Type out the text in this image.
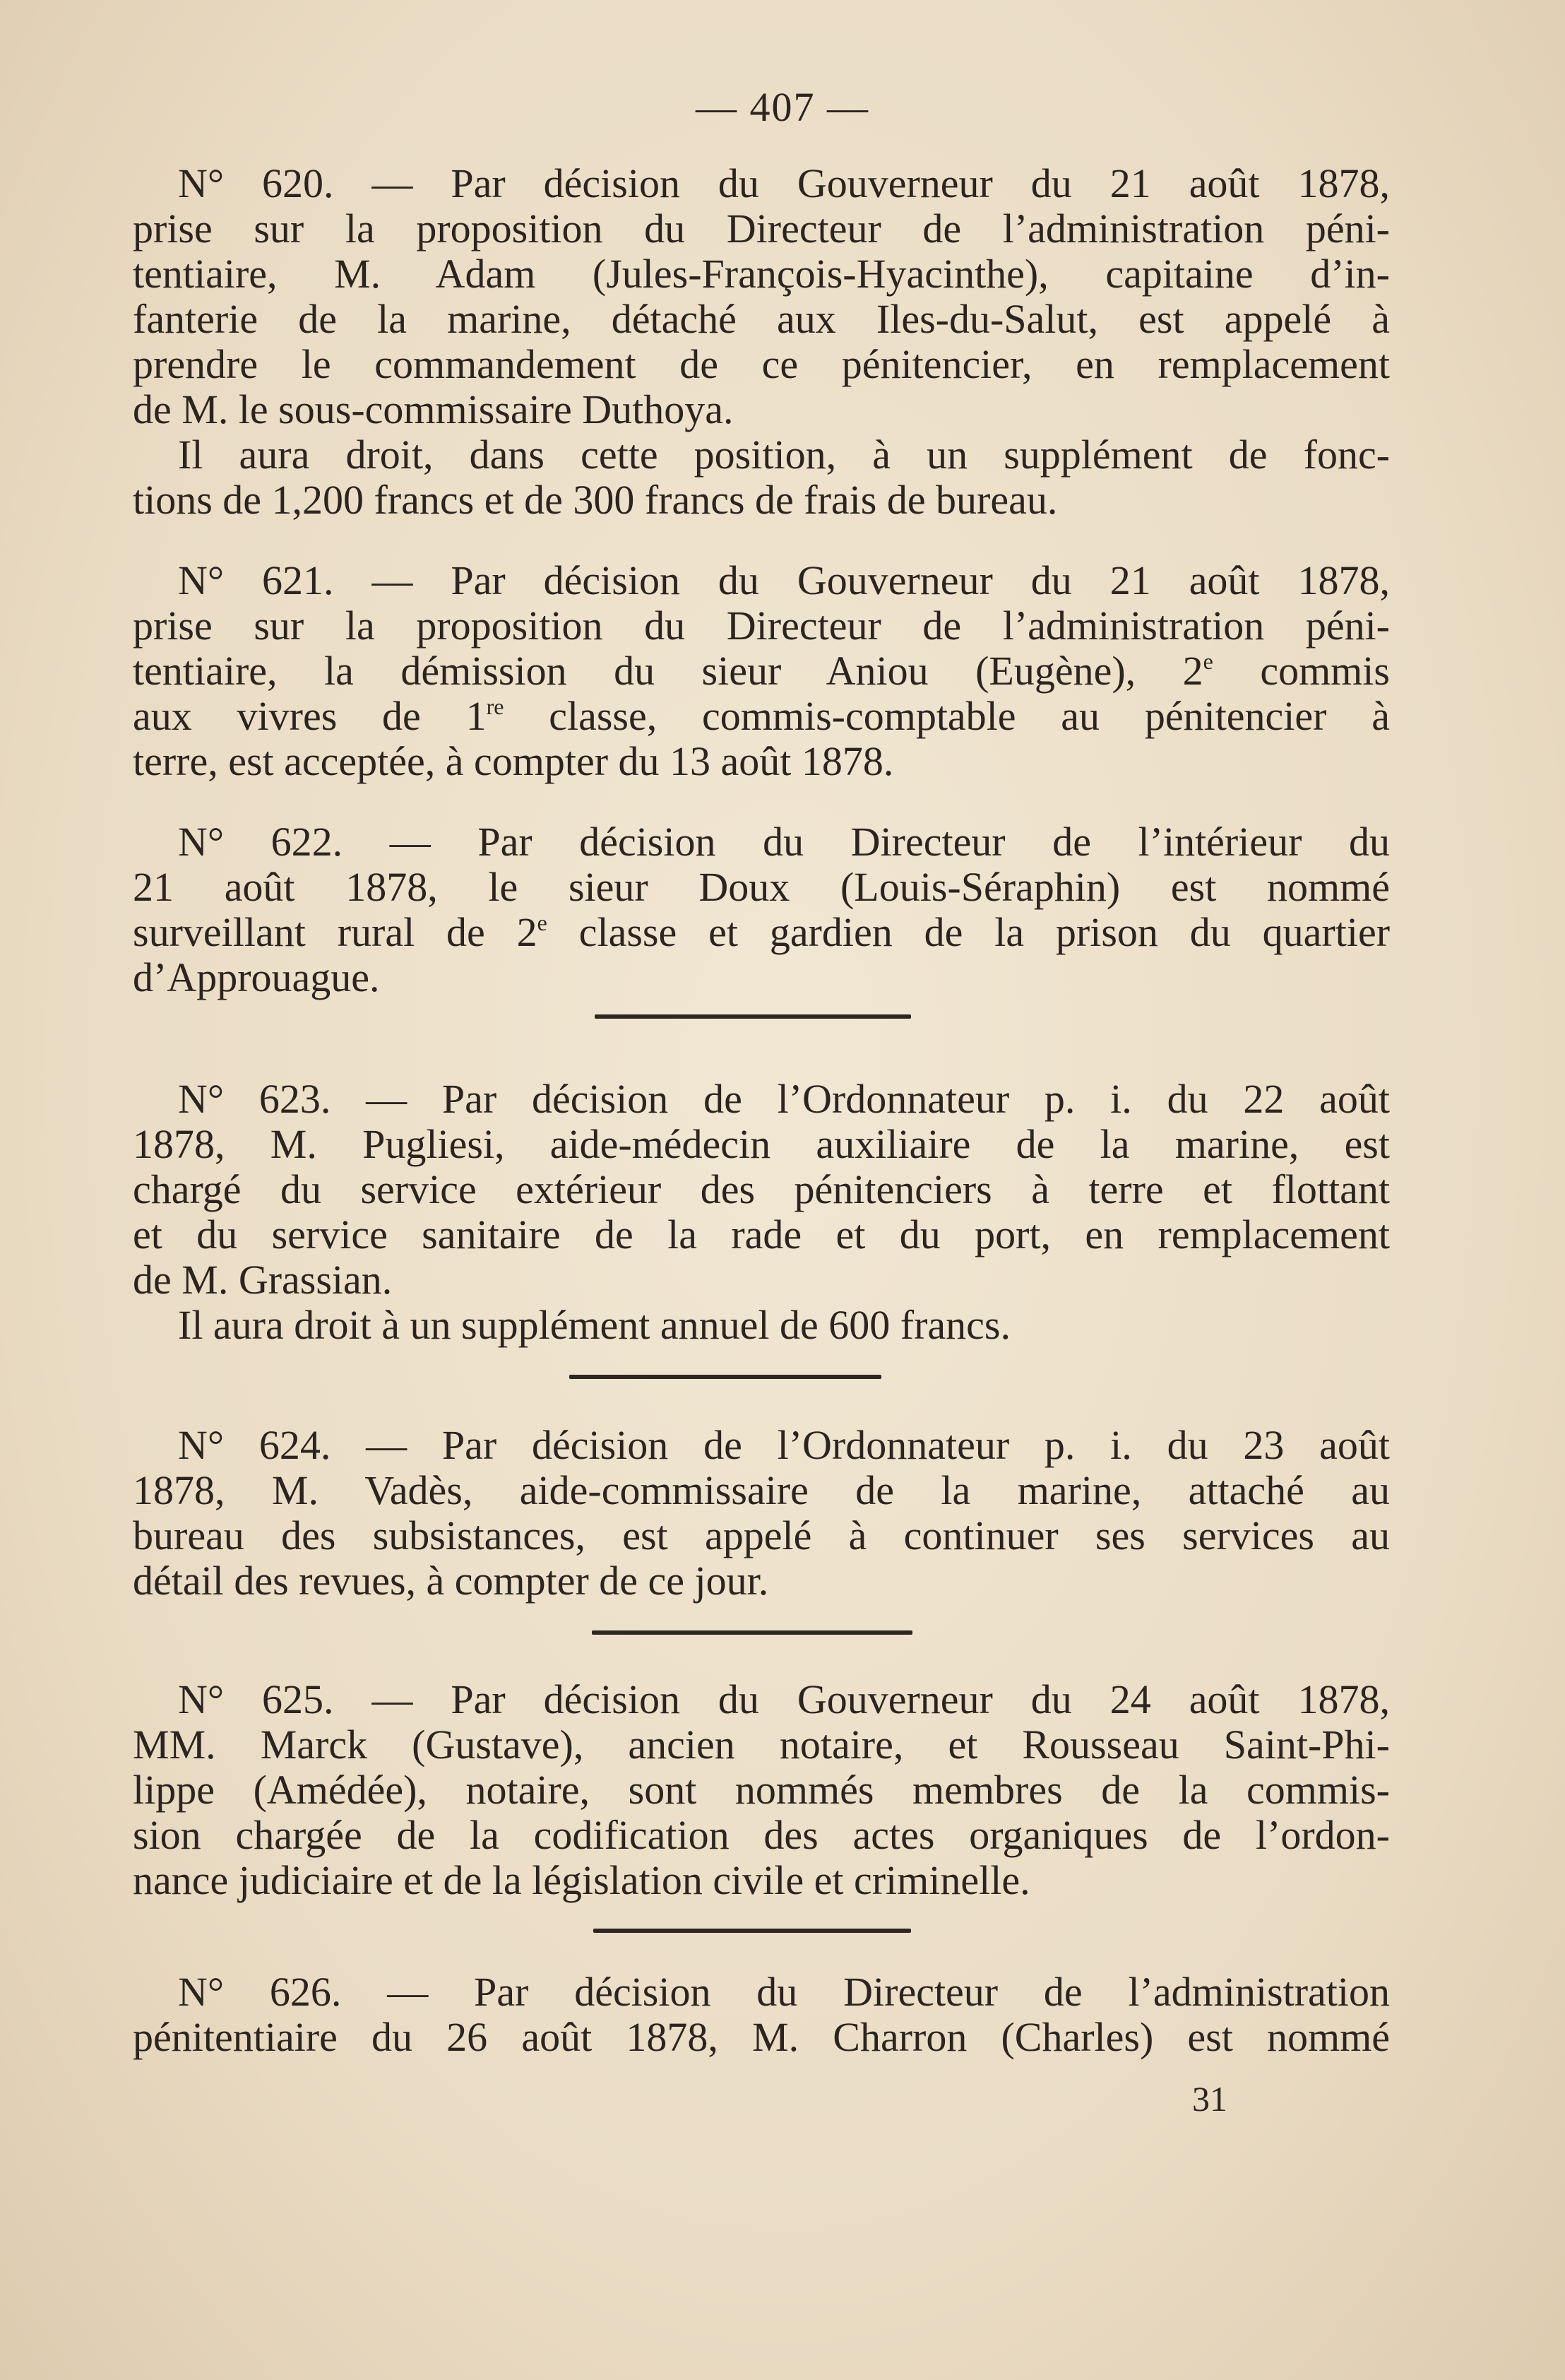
— 407 —
N° 620. — Par décision du Gouverneur du 21 août 1878,
prise sur la proposition du Directeur de l’administration péni-
tentiaire, M. Adam (Jules-François-Hyacinthe), capitaine d’in-
fanterie de la marine, détaché aux Iles-du-Salut, est appelé à
prendre le commandement de ce pénitencier, en remplacement
de M. le sous-commissaire Duthoya.
Il aura droit, dans cette position, à un supplément de fonc-
tions de 1,200 francs et de 300 francs de frais de bureau.
N° 621. — Par décision du Gouverneur du 21 août 1878,
prise sur la proposition du Directeur de l’administration péni-
tentiaire, la démission du sieur Aniou (Eugène), 2e commis
aux vivres de 1re classe, commis-comptable au pénitencier à
terre, est acceptée, à compter du 13 août 1878.
N° 622. — Par décision du Directeur de l’intérieur du
21 août 1878, le sieur Doux (Louis-Séraphin) est nommé
surveillant rural de 2e classe et gardien de la prison du quartier
d’Approuague.
N° 623. — Par décision de l’Ordonnateur p. i. du 22 août
1878, M. Pugliesi, aide-médecin auxiliaire de la marine, est
chargé du service extérieur des pénitenciers à terre et flottant
et du service sanitaire de la rade et du port, en remplacement
de M. Grassian.
Il aura droit à un supplément annuel de 600 francs.
N° 624. — Par décision de l’Ordonnateur p. i. du 23 août
1878, M. Vadès, aide-commissaire de la marine, attaché au
bureau des subsistances, est appelé à continuer ses services au
détail des revues, à compter de ce jour.
N° 625. — Par décision du Gouverneur du 24 août 1878,
MM. Marck (Gustave), ancien notaire, et Rousseau Saint-Phi-
lippe (Amédée), notaire, sont nommés membres de la commis-
sion chargée de la codification des actes organiques de l’ordon-
nance judiciaire et de la législation civile et criminelle.
N° 626. — Par décision du Directeur de l’administration
pénitentiaire du 26 août 1878, M. Charron (Charles) est nommé
31
